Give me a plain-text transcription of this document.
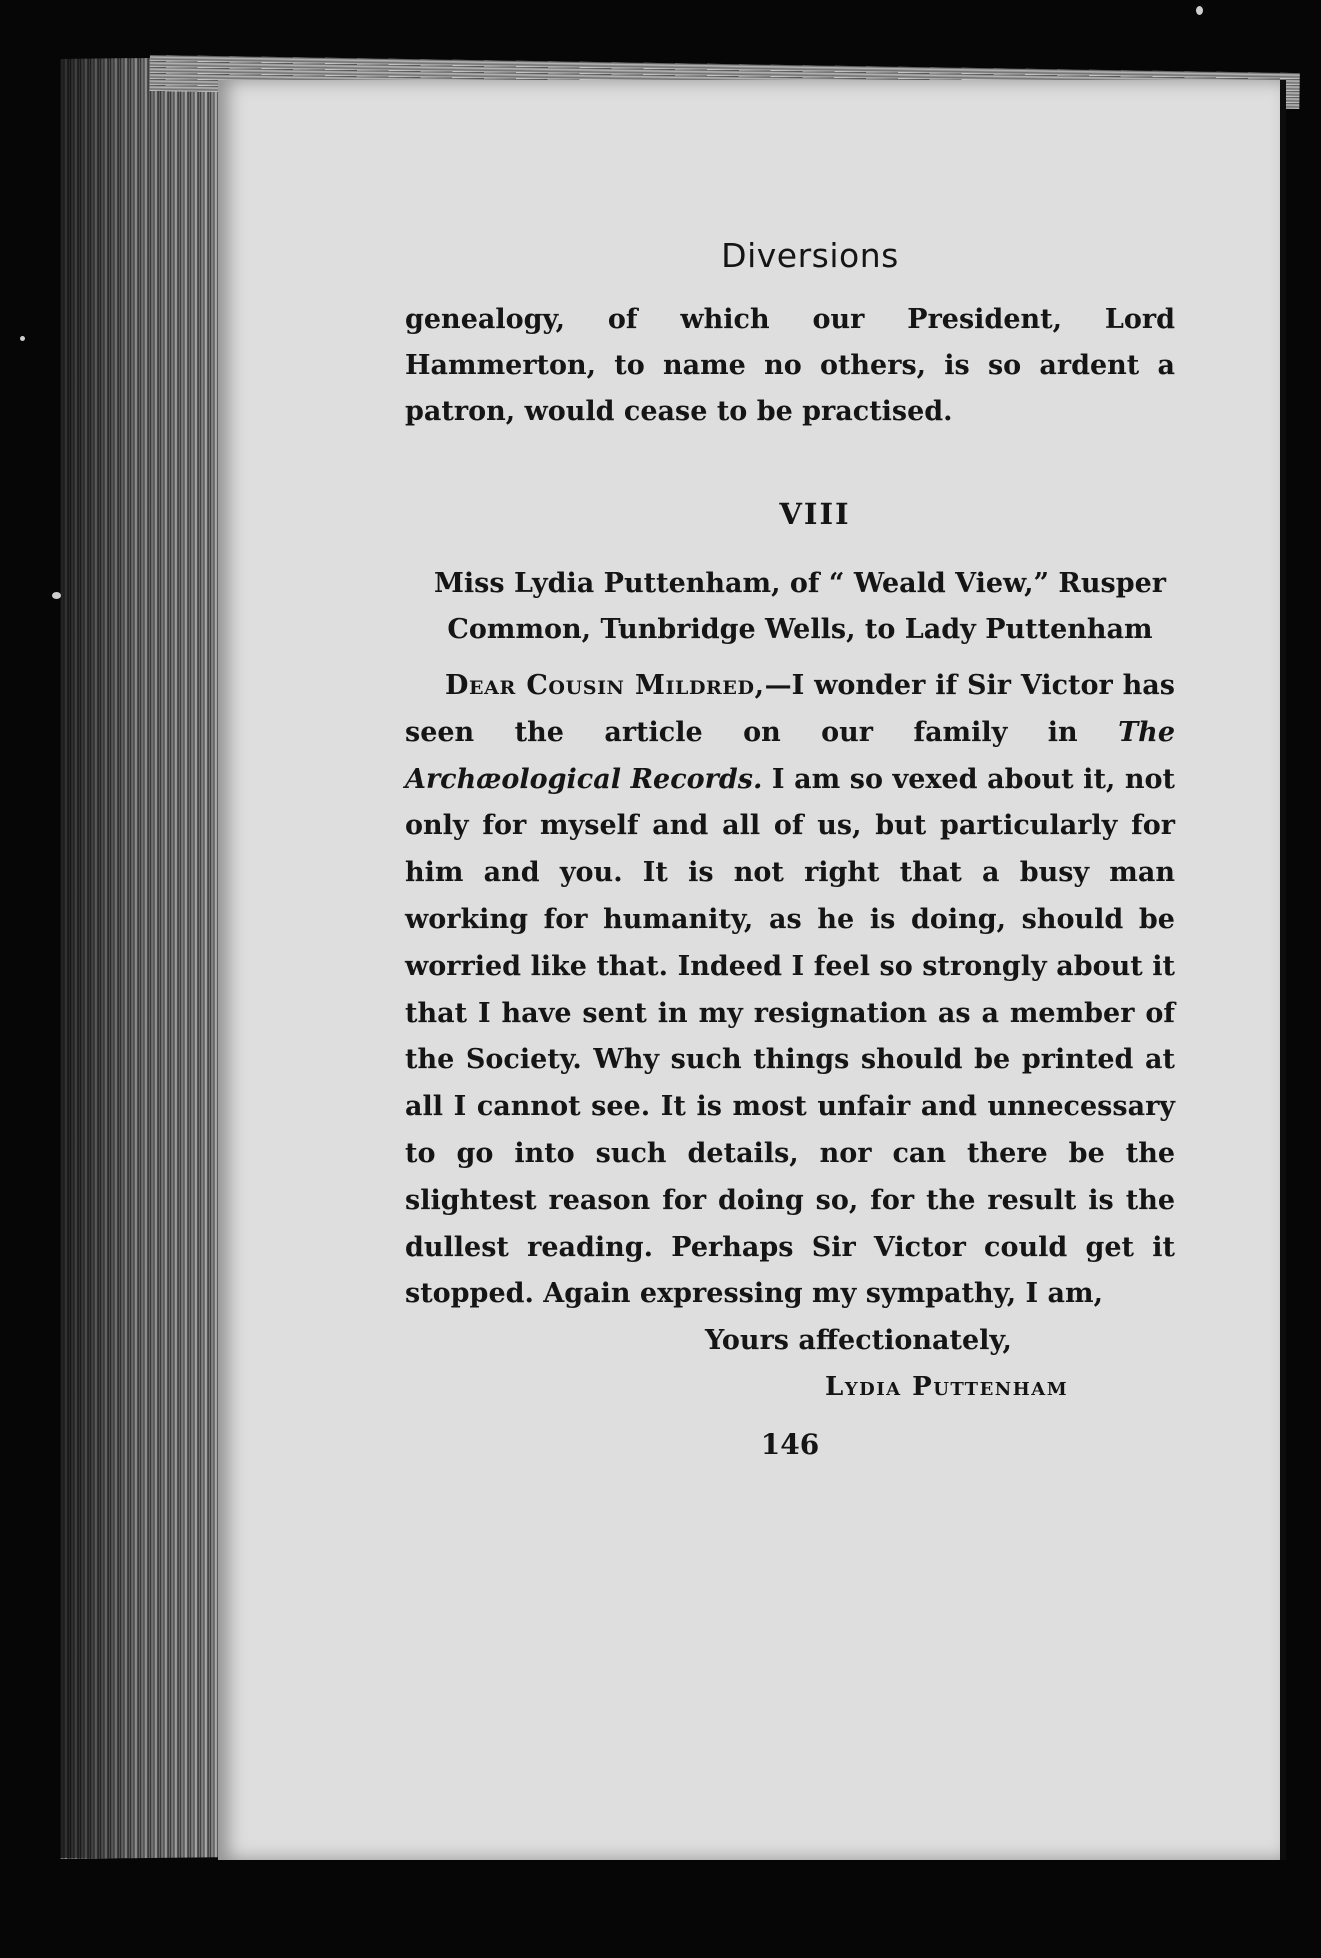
Diversions

genealogy, of which our President, Lord Hammerton, to name no others, is so ardent a patron, would cease to be practised.

VIII
Miss Lydia Puttenham, of “ Weald View,” Rusper Common, Tunbridge Wells, to Lady Puttenham

Dear Cousin Mildred,—I wonder if Sir Victor has seen the article on our family in The Archæological Records. I am so vexed about it, not only for myself and all of us, but particularly for him and you. It is not right that a busy man working for humanity, as he is doing, should be worried like that. Indeed I feel so strongly about it that I have sent in my resignation as a member of the Society. Why such things should be printed at all I cannot see. It is most unfair and unnecessary to go into such details, nor can there be the slightest reason for doing so, for the result is the dullest reading. Perhaps Sir Victor could get it stopped. Again expressing my sympathy, I am,

Yours affectionately,

Lydia Puttenham

146
